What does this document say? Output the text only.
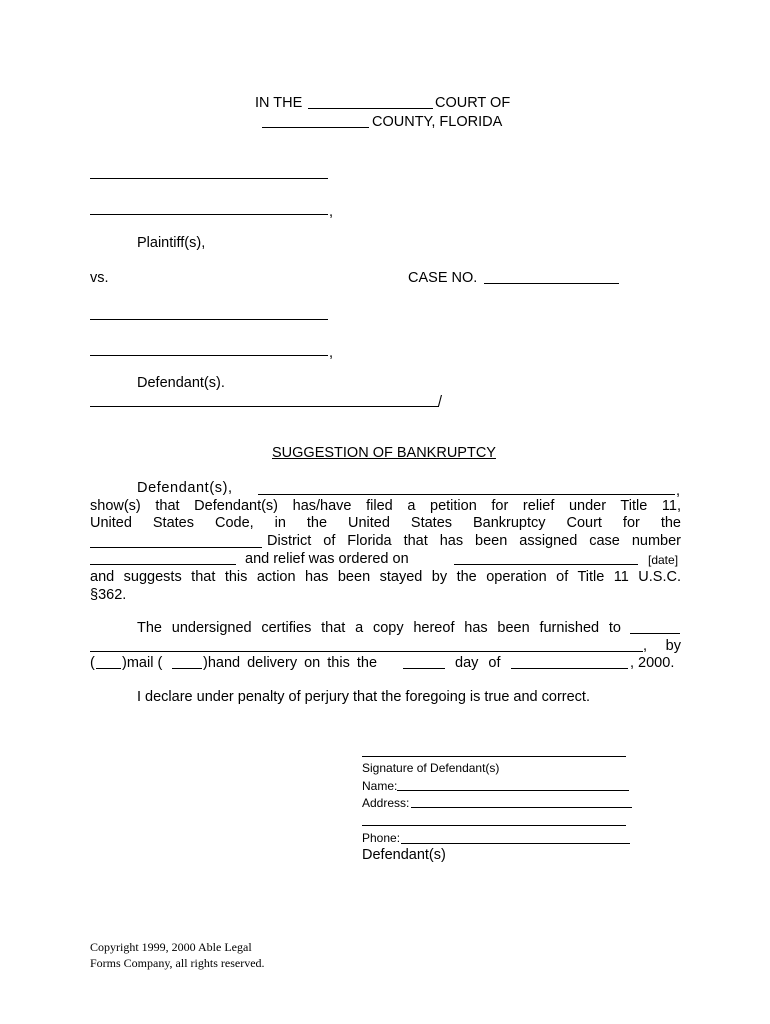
IN THE	COURT OF
COUNTY, FLORIDA
,
Plaintiff(s),
vs.	CASE NO.
,
Defendant(s).
/
SUGGESTION OF BANKRUPTCY
Defendant(s),	,
show(s) that Defendant(s) has/have filed a petition for relief under Title 11,
United States Code, in the United States Bankruptcy Court for the
District of Florida that has been assigned case number
and relief was ordered on	[date]
and suggests that this action has been stayed by the operation of Title 11 U.S.C.
§362.
The undersigned certifies that a copy hereof has been furnished to
, by
( )mail (	)hand delivery on this the	day of	, 2000.
I declare under penalty of perjury that the foregoing is true and correct.
Signature of Defendant(s)
Name:
Address:
Phone:
Defendant(s)
Copyright 1999, 2000 Able Legal
Forms Company, all rights reserved.
